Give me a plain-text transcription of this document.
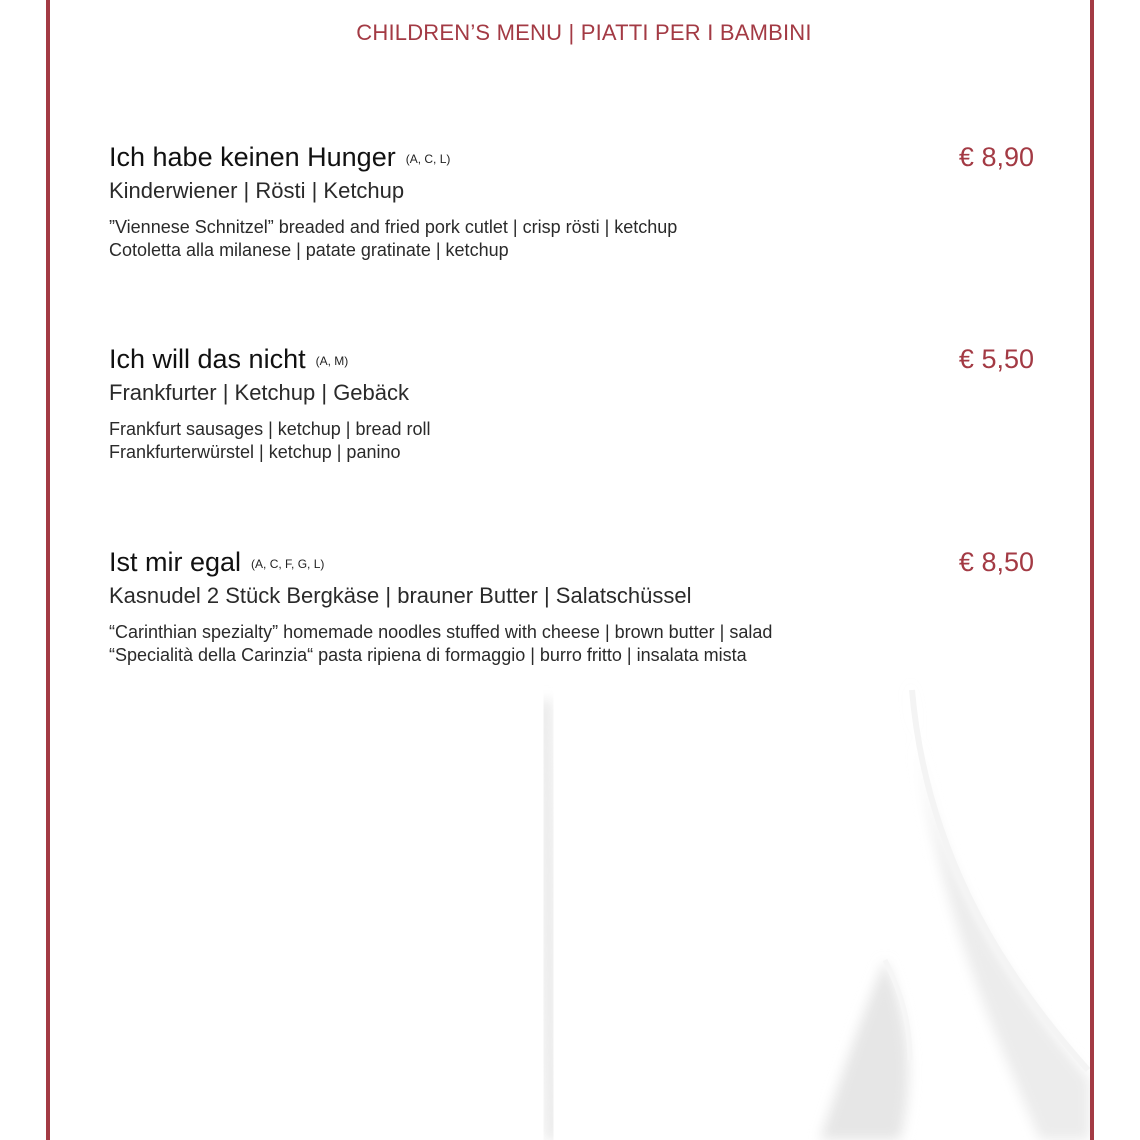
CHILDREN’S MENU | PIATTI PER I BAMBINI
Ich habe keinen Hunger (A, C, L)	€ 8,90
Kinderwiener | Rösti | Ketchup
”Viennese Schnitzel” breaded and fried pork cutlet | crisp rösti | ketchup
Cotoletta alla milanese | patate gratinate | ketchup
Ich will das nicht (A, M)	€ 5,50
Frankfurter | Ketchup | Gebäck
Frankfurt sausages | ketchup | bread roll
Frankfurterwürstel | ketchup | panino
Ist mir egal (A, C, F, G, L)	€ 8,50
Kasnudel 2 Stück Bergkäse | brauner Butter | Salatschüssel
“Carinthian spezialty” homemade noodles stuffed with cheese | brown butter | salad
“Specialità della Carinzia“ pasta ripiena di formaggio | burro fritto | insalata mista
